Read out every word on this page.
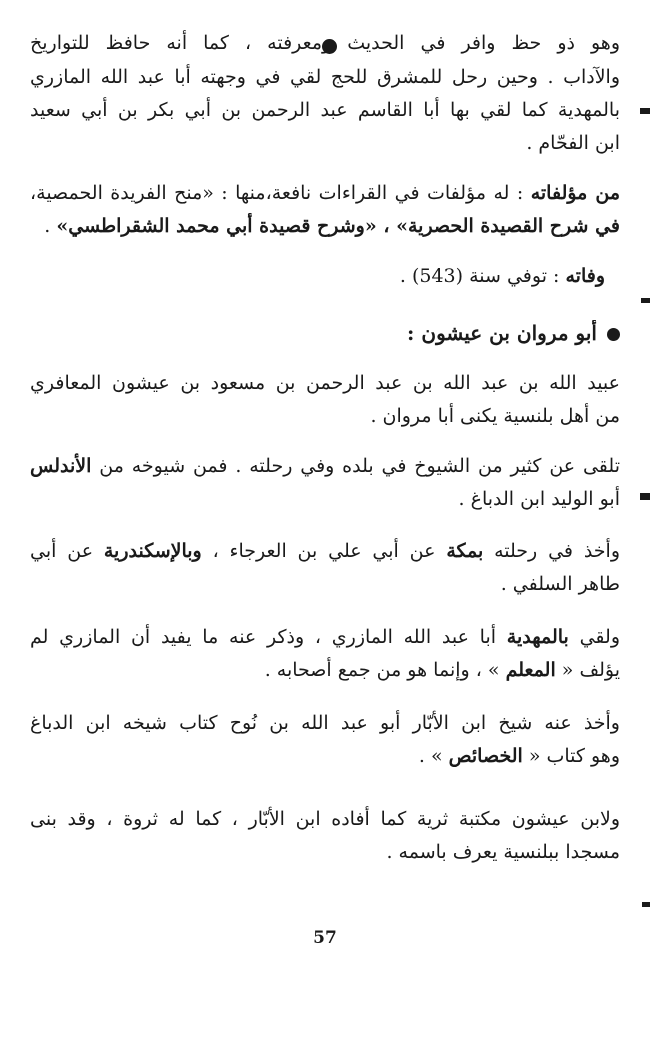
وهو ذو حظ وافر في الحديث ومعرفته ، كما أنه حافظ للتواريخ
والآداب . وحين رحل للمشرق للحج لقي في وجهته أبا عبد الله المازري
بالمهدية كما لقي بها أبا القاسم عبد الرحمن بن أبي بكر بن أبي سعيد
ابن الفحّام .
من مؤلفاته : له مؤلفات في القراءات نافعة،منها : «منح الفريدة الحمصية،
في شرح القصيدة الحصرية» ، «وشرح قصيدة أبي محمد الشقراطسي» .
وفاته : توفي سنة (543) .
أبو مروان بن عيشون :
عبيد الله بن عبد الله بن عبد الرحمن بن مسعود بن عيشون المعافري
من أهل بلنسية يكنى أبا مروان .
تلقى عن كثير من الشيوخ في بلده وفي رحلته . فمن شيوخه من الأندلس
أبو الوليد ابن الدباغ .
وأخذ في رحلته بمكة عن أبي علي بن العرجاء ، وبالإسكندرية عن أبي
طاهر السلفي .
ولقي بالمهدية أبا عبد الله المازري ، وذكر عنه ما يفيد أن المازري لم
يؤلف « المعلم » ، وإنما هو من جمع أصحابه .
وأخذ عنه شيخ ابن الأبّار أبو عبد الله بن نُوح كتاب شيخه ابن الدباغ
وهو كتاب « الخصائص » .
ولابن عيشون مكتبة ثرية كما أفاده ابن الأبّار ، كما له ثروة ، وقد بنى
مسجدا ببلنسية يعرف باسمه .
57
